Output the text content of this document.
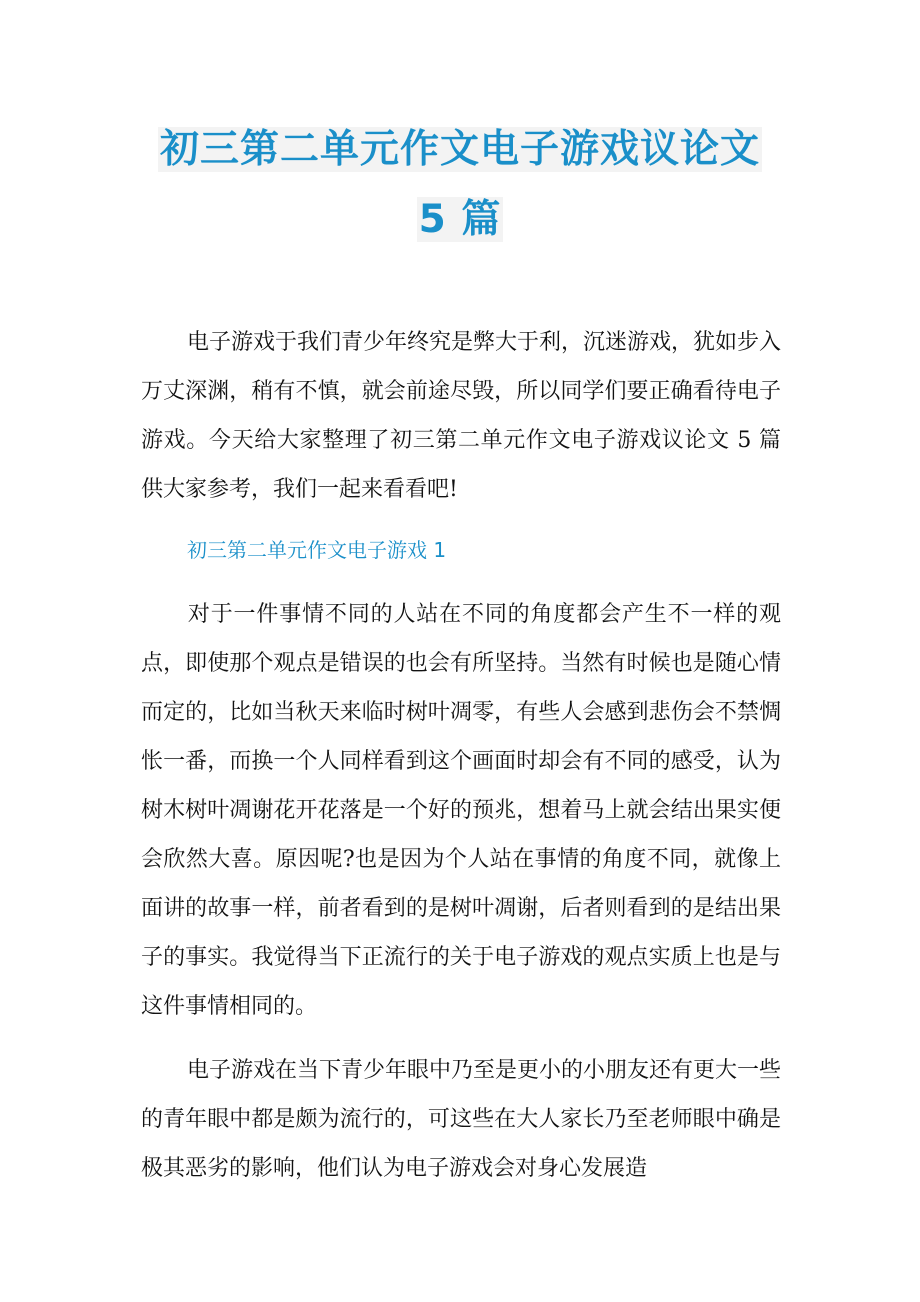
初三第二单元作文电子游戏议论文
5 篇
电子游戏于我们青少年终究是弊大于利，沉迷游戏，犹如步入万丈深渊，稍有不慎，就会前途尽毁，所以同学们要正确看待电子游戏。今天给大家整理了初三第二单元作文电子游戏议论文 5 篇供大家参考，我们一起来看看吧!
初三第二单元作文电子游戏 1
对于一件事情不同的人站在不同的角度都会产生不一样的观点，即使那个观点是错误的也会有所坚持。当然有时候也是随心情而定的，比如当秋天来临时树叶凋零，有些人会感到悲伤会不禁惆怅一番，而换一个人同样看到这个画面时却会有不同的感受，认为树木树叶凋谢花开花落是一个好的预兆，想着马上就会结出果实便会欣然大喜。原因呢?也是因为个人站在事情的角度不同，就像上面讲的故事一样，前者看到的是树叶凋谢，后者则看到的是结出果子的事实。我觉得当下正流行的关于电子游戏的观点实质上也是与这件事情相同的。
电子游戏在当下青少年眼中乃至是更小的小朋友还有更大一些的青年眼中都是颇为流行的，可这些在大人家长乃至老师眼中确是极其恶劣的影响，他们认为电子游戏会对身心发展造
